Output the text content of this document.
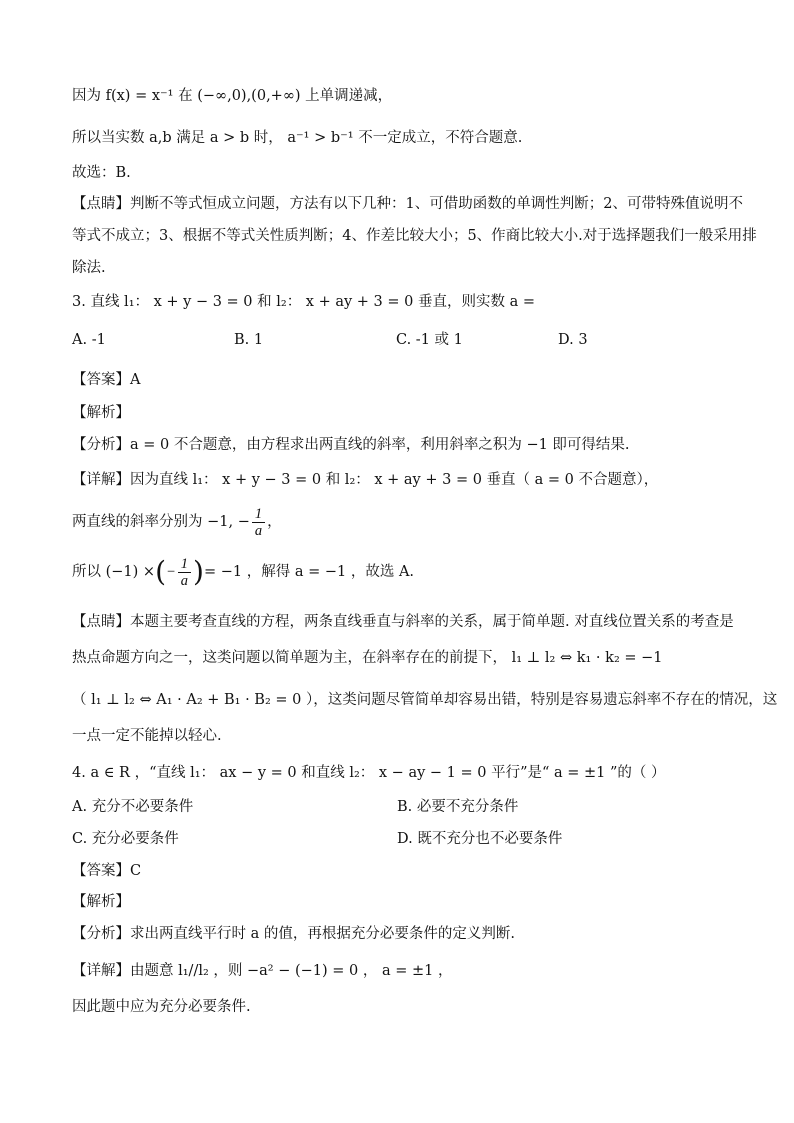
因为 f(x) = x⁻¹ 在 (−∞,0),(0,+∞) 上单调递减，
所以当实数 a,b 满足 a > b 时， a⁻¹ > b⁻¹ 不一定成立，不符合题意.
故选：B.
【点睛】判断不等式恒成立问题，方法有以下几种：1、可借助函数的单调性判断；2、可带特殊值说明不
等式不成立；3、根据不等式关性质判断；4、作差比较大小；5、作商比较大小.对于选择题我们一般采用排
除法.
3. 直线 l₁： x + y − 3 = 0 和 l₂： x + ay + 3 = 0 垂直，则实数 a =
A. -1	B. 1	C. -1 或 1	D. 3
【答案】A
【解析】
【分析】a = 0 不合题意，由方程求出两直线的斜率，利用斜率之积为 −1 即可得结果.
【详解】因为直线 l₁： x + y − 3 = 0 和 l₂： x + ay + 3 = 0 垂直（ a = 0 不合题意），
两直线的斜率分别为 −1, − $\frac{1}{a}$ ，
所以 (−1) ×(− $\frac{1}{a}$ )= −1 ，解得 a = −1 ，故选 A.
【点睛】本题主要考查直线的方程，两条直线垂直与斜率的关系，属于简单题. 对直线位置关系的考查是
热点命题方向之一，这类问题以简单题为主，在斜率存在的前提下， l₁ ⊥ l₂ ⇔ k₁ · k₂ = −1
（ l₁ ⊥ l₂ ⇔ A₁ · A₂ + B₁ · B₂ = 0 ），这类问题尽管简单却容易出错，特别是容易遗忘斜率不存在的情况，这
一点一定不能掉以轻心.
4. a ∈ R ，“直线 l₁： ax − y = 0 和直线 l₂： x − ay − 1 = 0 平行”是“ a = ±1 ”的（ ）
A. 充分不必要条件	B. 必要不充分条件
C. 充分必要条件	D. 既不充分也不必要条件
【答案】C
【解析】
【分析】求出两直线平行时 a 的值，再根据充分必要条件的定义判断.
【详解】由题意 l₁//l₂ ，则 −a² − (−1) = 0 ， a = ±1 ，
因此题中应为充分必要条件.
